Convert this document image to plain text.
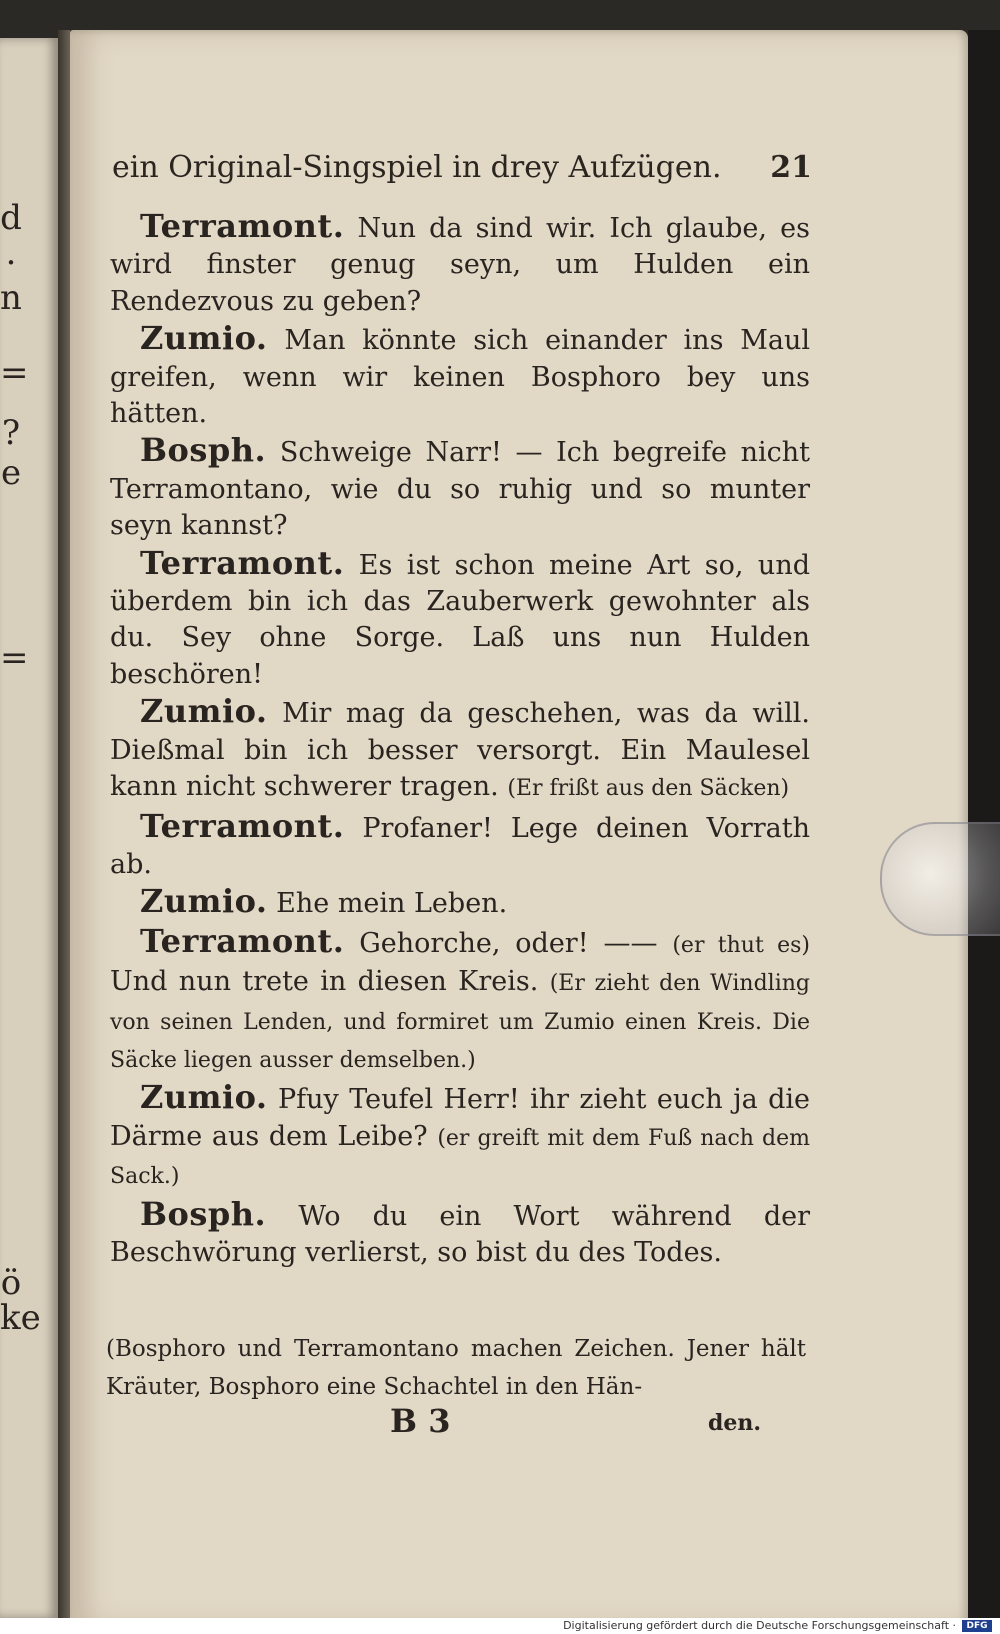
d
·
n
=
?
e
=
ö
ke
ein Original-Singspiel in drey Aufzügen. 21

Terramont. Nun da sind wir. Ich glaube, es wird finster genug seyn, um Hulden ein Rendezvous zu geben?

Zumio. Man könnte sich einander ins Maul greifen, wenn wir keinen Bosphoro bey uns hätten.

Bosph. Schweige Narr! — Ich begreife nicht Terramontano, wie du so ruhig und so munter seyn kannst?

Terramont. Es ist schon meine Art so, und überdem bin ich das Zauberwerk gewohnter als du. Sey ohne Sorge. Laß uns nun Hulden beschören!

Zumio. Mir mag da geschehen, was da will. Dießmal bin ich besser versorgt. Ein Maulesel kann nicht schwerer tragen. (Er frißt aus den Säcken)

Terramont. Profaner! Lege deinen Vorrath ab.

Zumio. Ehe mein Leben.

Terramont. Gehorche, oder! —— (er thut es) Und nun trete in diesen Kreis. (Er zieht den Windling von seinen Lenden, und formiret um Zumio einen Kreis. Die Säcke liegen ausser demselben.)

Zumio. Pfuy Teufel Herr! ihr zieht euch ja die Därme aus dem Leibe? (er greift mit dem Fuß nach dem Sack.)

Bosph. Wo du ein Wort während der Beschwörung verlierst, so bist du des Todes.

(Bosphoro und Terramontano machen Zeichen. Jener hält Kräuter, Bosphoro eine Schachtel in den Hän-
B 3	den.
Digitalisierung gefördert durch die Deutsche Forschungsgemeinschaft ·	DFG
